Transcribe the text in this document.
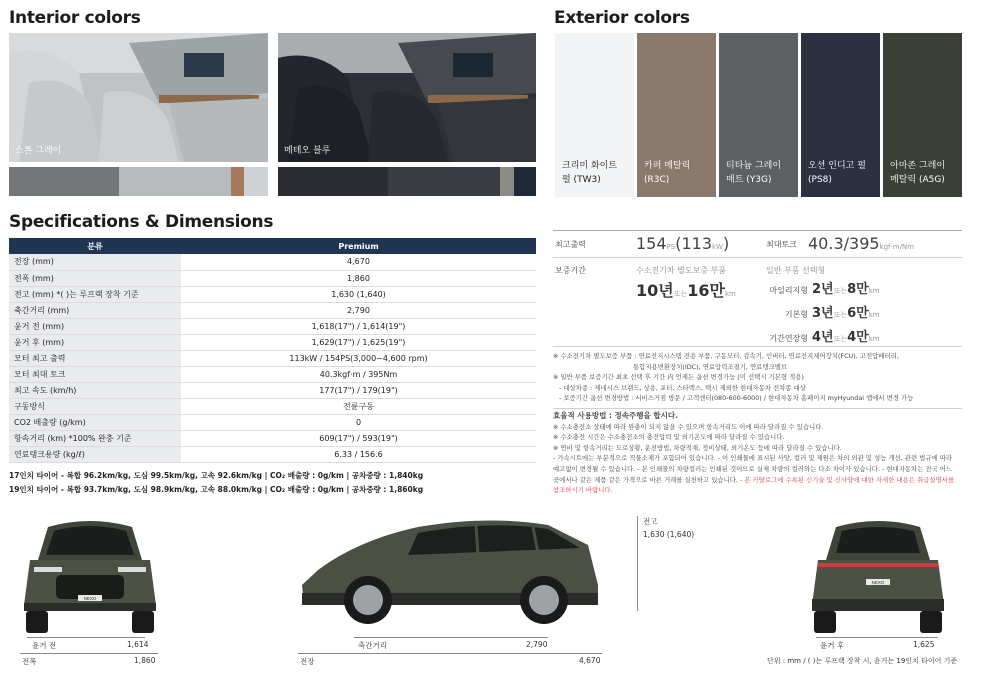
Interior colors
스톤 그레이	메테오 블루
Exterior colors
크리미 화이트
펄 (TW3)
카퍼 메탈릭
(R3C)
티타늄 그레이
매트 (Y3G)
오션 인디고 펄
(PS8)
아마존 그레이
메탈릭 (A5G)
Specifications & Dimensions
분류	Premium
전장 (mm)	4,670
전폭 (mm)	1,860
전고 (mm) *( )는 루프랙 장착 기준	1,630 (1,640)
축간거리 (mm)	2,790
윤거 전 (mm)	1,618(17") / 1,614(19")
윤거 후 (mm)	1,629(17") / 1,625(19")
모터 최고 출력	113kW / 154PS(3,000~4,600 rpm)
모터 최대 토크	40.3kgf·m / 395Nm
최고 속도 (km/h)	177(17") / 179(19")
구동방식	전륜구동
CO2 배출량 (g/km)	0
항속거리 (km) *100% 완충 기준	609(17") / 593(19")
연료탱크용량 (kg/ℓ)	6.33 / 156.6
17인치 타이어 - 복합 96.2km/kg, 도심 99.5km/kg, 고속 92.6km/kg | CO₂ 배출량 : 0g/km | 공차중량 : 1,840kg
19인치 타이어 - 복합 93.7km/kg, 도심 98.9km/kg, 고속 88.0km/kg | CO₂ 배출량 : 0g/km | 공차중량 : 1,860kg
최고출력	154PS(113kW)	최대토크 40.3/395kgf·m/Nm
보증기간	수소전기차 별도보증 부품
10년또는16만km
일반 부품 선택형
마일리지형 2년또는8만km
기본형 3년또는6만km
기간연장형 4년또는4만km
※ 수소전기차 별도보증 부품 : 연료전지시스템 전용 부품, 구동모터, 감속기, 인버터, 연료전지제어장치(FCU), 고전압배터리,
통합저용변환장치(IDC), 연료압력조절기, 연료탱크밸브
※ 일반 부품 보증기간 최초 선택 후 기간 内 언제든 옵션 변경가능 (미 선택시 기본형 적용)
- 대상차종 : 제네시스 브랜드, 상용, 포터, 스타렉스, 택시 제외한 현대자동차 전차종 대상
- 보증기간 옵션 변경방법 : 서비스거점 방문 / 고객센터(080-600-6000) / 현대자동차 홈페이지 myHyundai 앱에서 변경 가능
효율적 사용방법 : 정속주행을 합시다.
※ 수소충전소 상태에 따라 완충이 되지 않을 수 있으며 항속거리도 이에 따라 달라질 수 있습니다.
※ 수소충전 시간은 수소충전소의 충전압력 및 외기온도에 따라 달라질 수 있습니다.
※ 연비 및 항속거리는 도로상황, 운전방법, 차량적재, 정비상태, 외기온도 등에 따라 달라질 수 있습니다.
- 가속시트에는 부분적으로 직물소재가 포함되어 있습니다. - 이 인쇄물에 표시된 사양, 컬러 및 제원은 차의 외관 및 성능 개선, 관련 법규에 따라
예고없이 변경될 수 있습니다. - 본 인쇄물의 차량컬러는 인쇄된 것이므로 실제 차량의 컬러와는 다소 차이가 있습니다. - 현대자동차는 전국 어느
곳에서나 같은 제품 같은 가격으로 바른 거래를 실천하고 있습니다. - 본 카탈로그에 수록된 신기술 및 신사양에 대한 자세한 내용은 취급설명서를
참조하시기 바랍니다.
NEXO
윤거 전	1,614
전폭	1,860
축간거리	2,790
전장	4,670
전고
1,630 (1,640)
NEXO
윤거 후	1,625
단위 : mm / ( )는 루프랙 장착 시, 윤거는 19인치 타이어 기준
